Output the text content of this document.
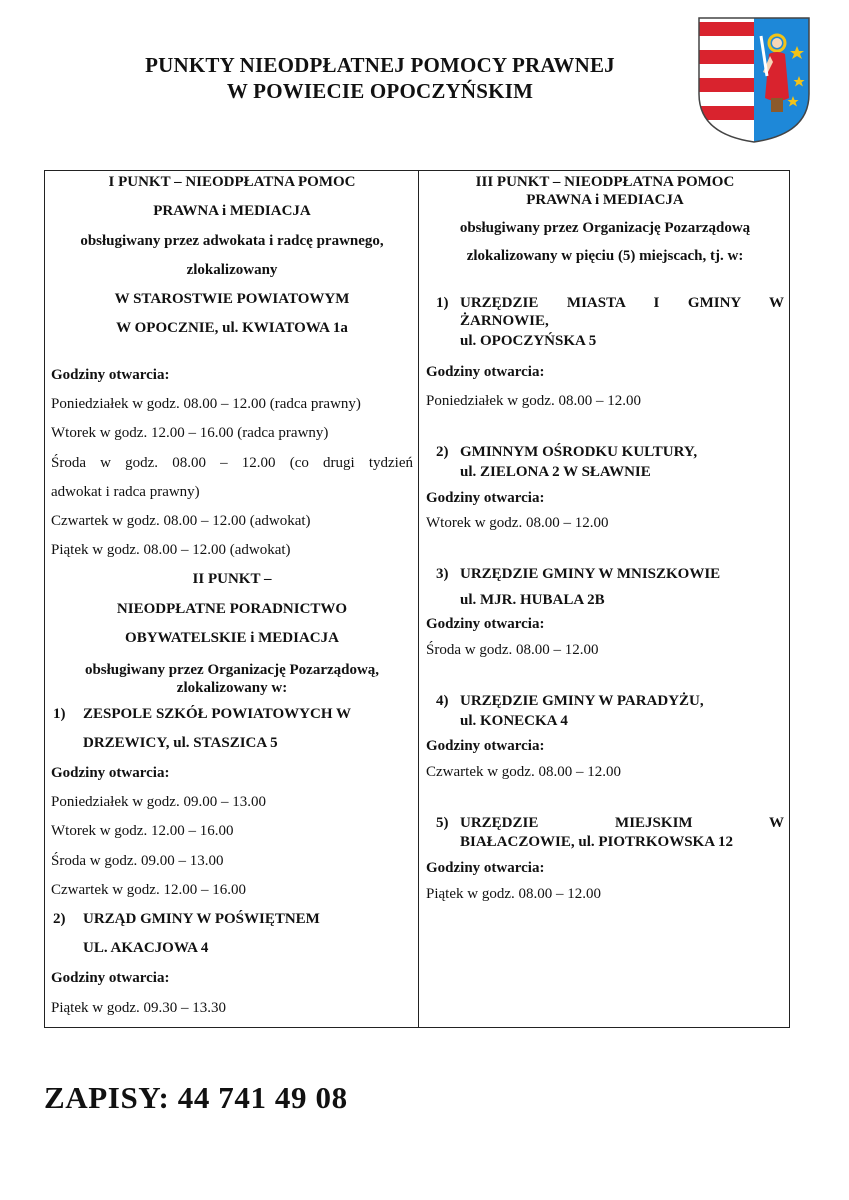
PUNKTY NIEODPŁATNEJ POMOCY PRAWNEJ
W POWIECIE OPOCZYŃSKIM
I PUNKT – NIEODPŁATNA POMOC
PRAWNA i MEDIACJA
obsługiwany przez adwokata i radcę prawnego,
zlokalizowany
W STAROSTWIE POWIATOWYM
W OPOCZNIE, ul. KWIATOWA 1a
Godziny otwarcia:
Poniedziałek w godz. 08.00 – 12.00 (radca prawny)
Wtorek w godz. 12.00 – 16.00 (radca prawny)
Środa w godz. 08.00 – 12.00 (co drugi tydzień
adwokat i radca prawny)
Czwartek w godz. 08.00 – 12.00 (adwokat)
Piątek w godz. 08.00 – 12.00 (adwokat)
II PUNKT –
NIEODPŁATNE PORADNICTWO
OBYWATELSKIE i MEDIACJA
obsługiwany przez Organizację Pozarządową,
zlokalizowany w:
1) ZESPOLE SZKÓŁ POWIATOWYCH W
DRZEWICY, ul. STASZICA 5
Godziny otwarcia:
Poniedziałek w godz. 09.00 – 13.00
Wtorek w godz. 12.00 – 16.00
Środa w godz. 09.00 – 13.00
Czwartek w godz. 12.00 – 16.00
2) URZĄD GMINY W POŚWIĘTNEM
UL. AKACJOWA 4
Godziny otwarcia:
Piątek w godz. 09.30 – 13.30
III PUNKT – NIEODPŁATNA POMOC
PRAWNA i MEDIACJA
obsługiwany przez Organizację Pozarządową
zlokalizowany w pięciu (5) miejscach, tj. w:
1) URZĘDZIE MIASTA I GMINY W
ŻARNOWIE,
ul. OPOCZYŃSKA 5
Godziny otwarcia:
Poniedziałek w godz. 08.00 – 12.00
2) GMINNYM OŚRODKU KULTURY,
ul. ZIELONA 2 W SŁAWNIE
Godziny otwarcia:
Wtorek w godz. 08.00 – 12.00
3) URZĘDZIE GMINY W MNISZKOWIE
ul. MJR. HUBALA 2B
Godziny otwarcia:
Środa w godz. 08.00 – 12.00
4) URZĘDZIE GMINY W PARADYŻU,
ul. KONECKA 4
Godziny otwarcia:
Czwartek w godz. 08.00 – 12.00
5) URZĘDZIE MIEJSKIM W
BIAŁACZOWIE, ul. PIOTRKOWSKA 12
Godziny otwarcia:
Piątek w godz. 08.00 – 12.00
ZAPISY: 44 741 49 08
